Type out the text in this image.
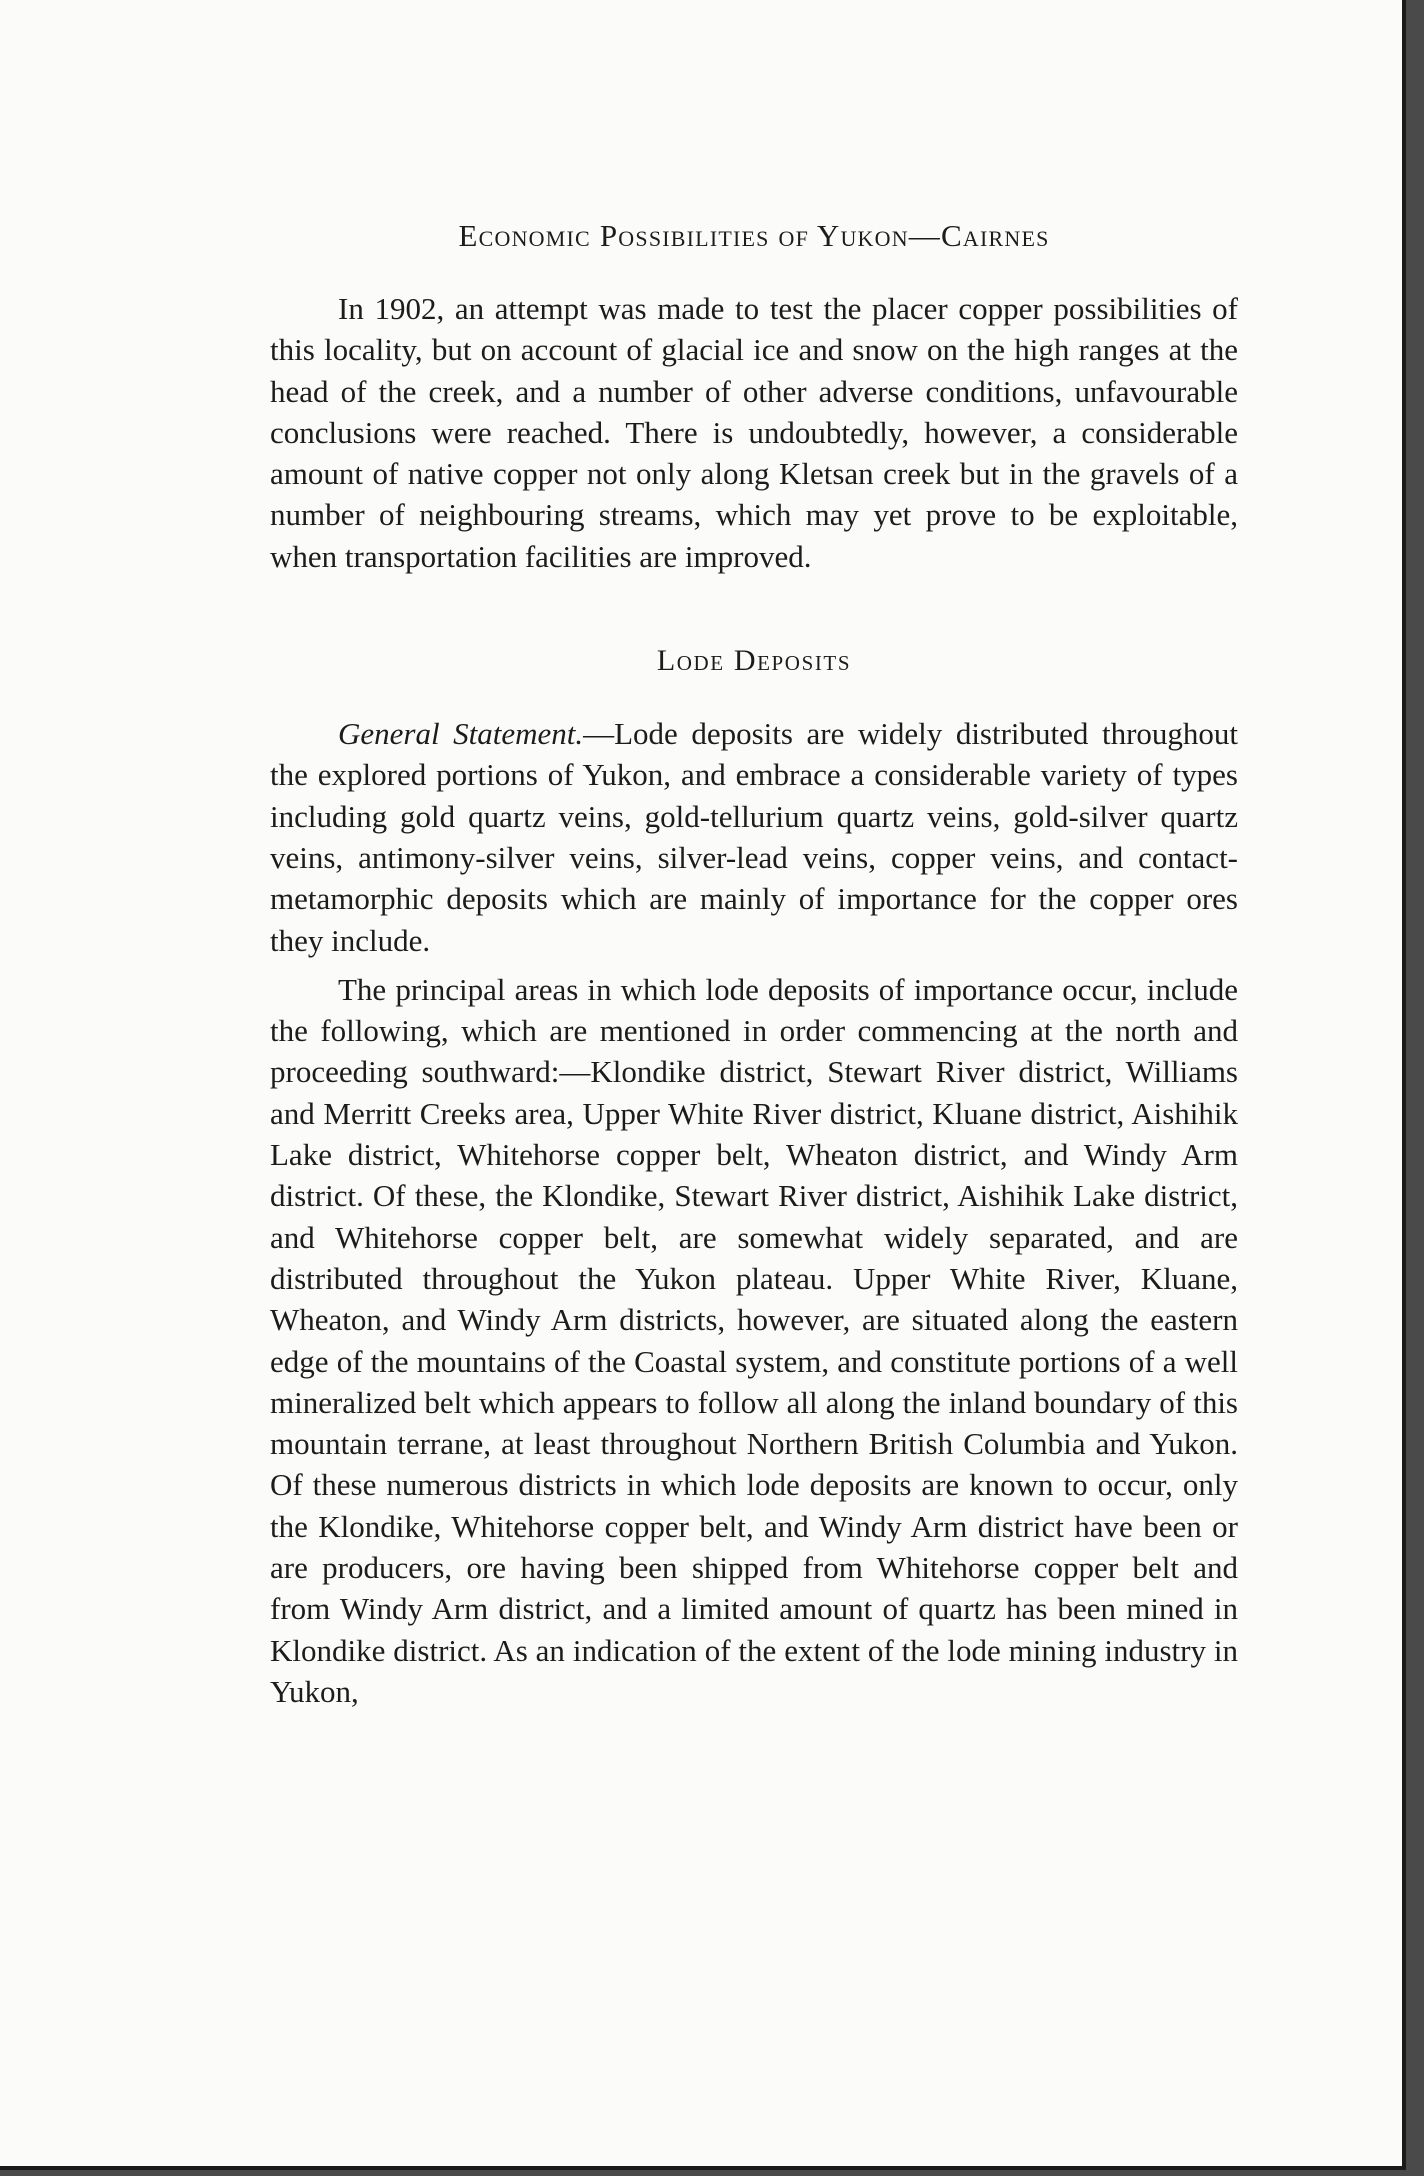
Economic Possibilities of Yukon—Cairnes

In 1902, an attempt was made to test the placer copper possibilities of this locality, but on account of glacial ice and snow on the high ranges at the head of the creek, and a number of other adverse conditions, unfavourable conclusions were reached. There is undoubtedly, however, a considerable amount of native copper not only along Kletsan creek but in the gravels of a number of neighbouring streams, which may yet prove to be exploitable, when transportation facilities are improved.

Lode Deposits

General Statement.—Lode deposits are widely distributed throughout the explored portions of Yukon, and embrace a considerable variety of types including gold quartz veins, gold-tellurium quartz veins, gold-silver quartz veins, antimony-silver veins, silver-lead veins, copper veins, and contact-metamorphic deposits which are mainly of importance for the copper ores they include.

The principal areas in which lode deposits of importance occur, include the following, which are mentioned in order commencing at the north and proceeding southward:—Klondike district, Stewart River district, Williams and Merritt Creeks area, Upper White River district, Kluane district, Aishihik Lake district, Whitehorse copper belt, Wheaton district, and Windy Arm district. Of these, the Klondike, Stewart River district, Aishihik Lake district, and Whitehorse copper belt, are somewhat widely separated, and are distributed throughout the Yukon plateau. Upper White River, Kluane, Wheaton, and Windy Arm districts, however, are situated along the eastern edge of the mountains of the Coastal system, and constitute portions of a well mineralized belt which appears to follow all along the inland boundary of this mountain terrane, at least throughout Northern British Columbia and Yukon. Of these numerous districts in which lode deposits are known to occur, only the Klondike, Whitehorse copper belt, and Windy Arm district have been or are producers, ore having been shipped from Whitehorse copper belt and from Windy Arm district, and a limited amount of quartz has been mined in Klondike district. As an indication of the extent of the lode mining industry in Yukon,
